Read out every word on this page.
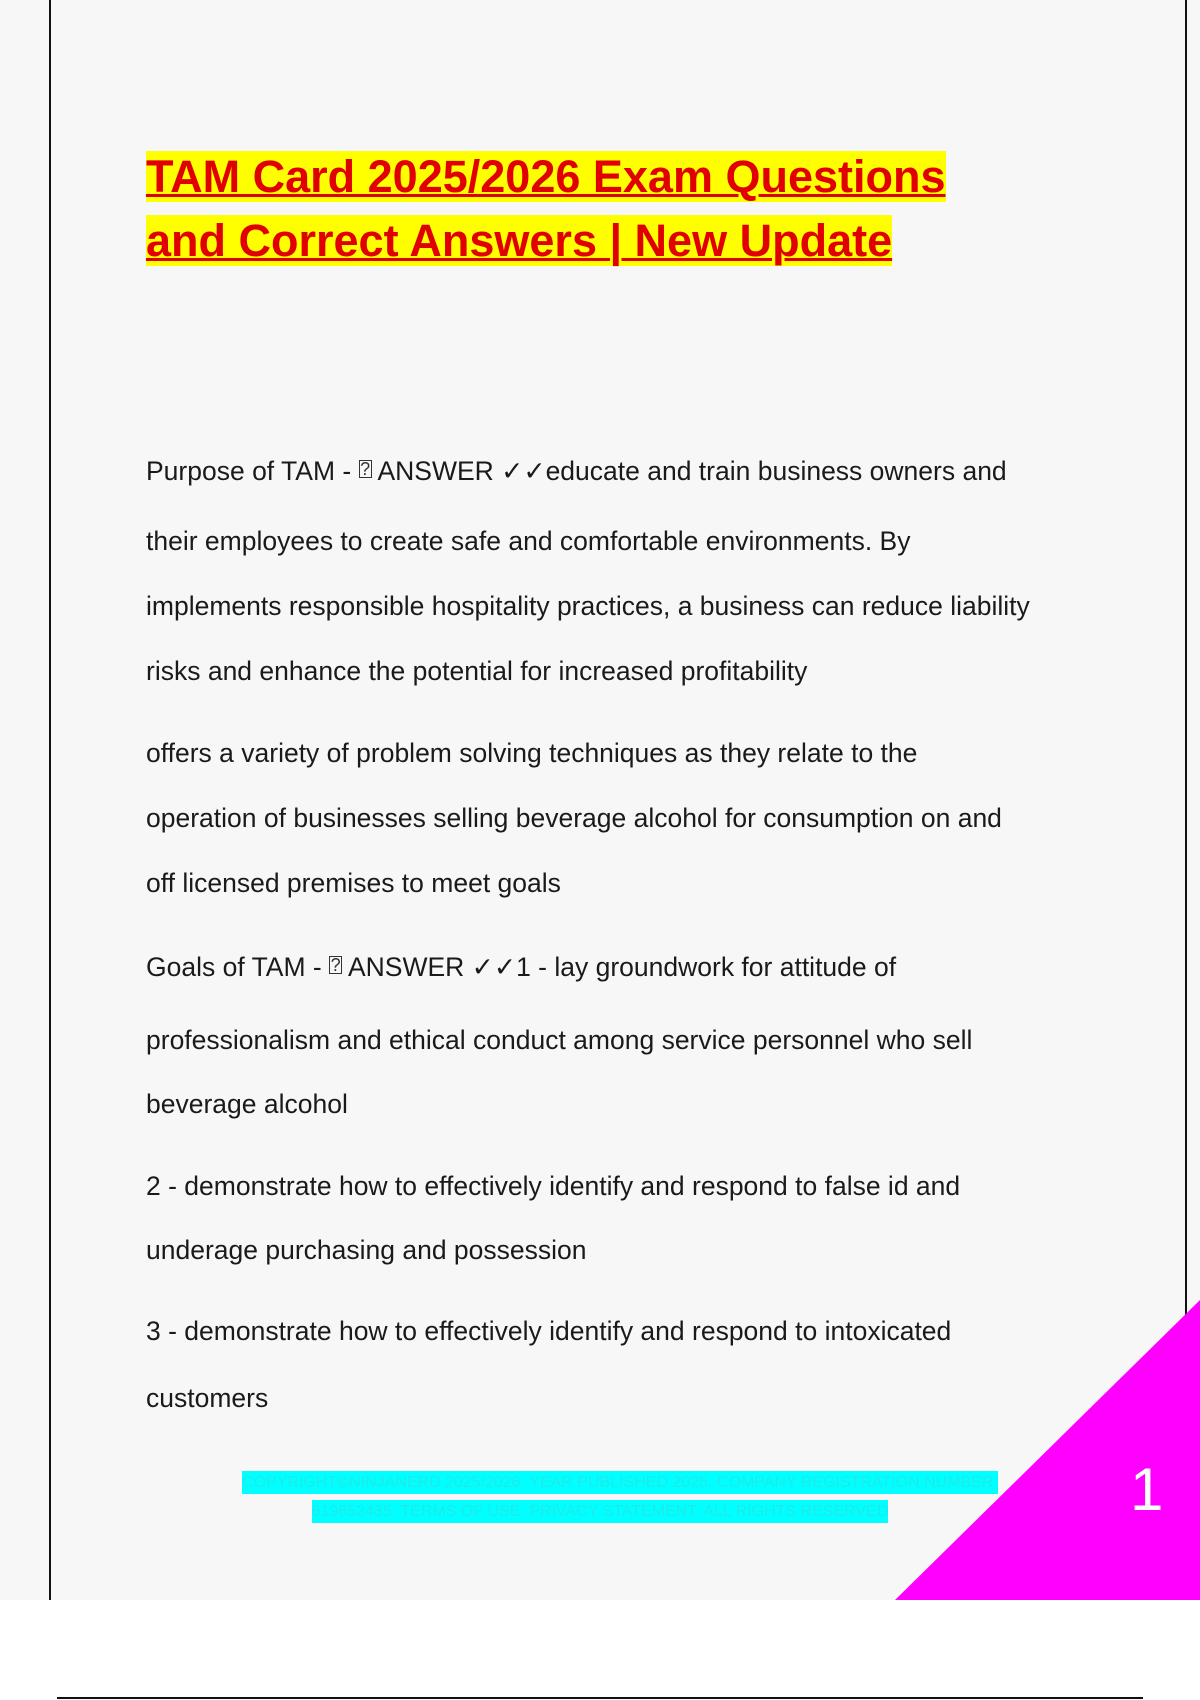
TAM Card 2025/2026 Exam Questions
and Correct Answers | New Update
Purpose of TAM - ? ANSWER ✓✓educate and train business owners and
their employees to create safe and comfortable environments. By
implements responsible hospitality practices, a business can reduce liability
risks and enhance the potential for increased profitability
offers a variety of problem solving techniques as they relate to the
operation of businesses selling beverage alcohol for consumption on and
off licensed premises to meet goals
Goals of TAM - ? ANSWER ✓✓1 - lay groundwork for attitude of
professionalism and ethical conduct among service personnel who sell
beverage alcohol
2 - demonstrate how to effectively identify and respond to false id and
underage purchasing and possession
3 - demonstrate how to effectively identify and respond to intoxicated
customers
COPYRIGHT©NINJANERD 2025/2026. YEAR PUBLISHED 2025. COMPANY REGISTRATION NUMBER:
619652435. TERMS OF USE. PRIVACY STATEMENT. ALL RIGHTS RESERVED	1
